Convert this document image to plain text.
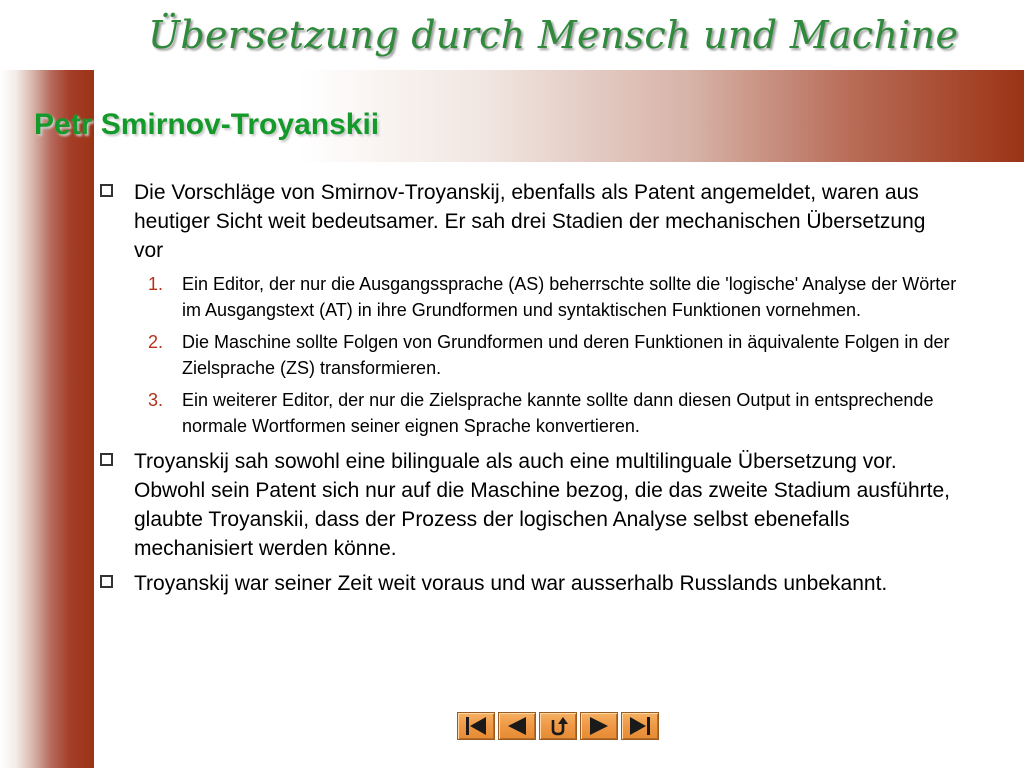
Übersetzung durch Mensch und Machine
Petr Smirnov-Troyanskii
Die Vorschläge von Smirnov-Troyanskij, ebenfalls als Patent angemeldet, waren aus heutiger Sicht weit bedeutsamer. Er sah drei Stadien der mechanischen Übersetzung vor
1. Ein Editor, der nur die Ausgangssprache (AS) beherrschte sollte die 'logische' Analyse der Wörter im Ausgangstext (AT) in ihre Grundformen und syntaktischen Funktionen vornehmen.
2. Die Maschine sollte Folgen von Grundformen und deren Funktionen in äquivalente Folgen in der Zielsprache (ZS) transformieren.
3. Ein weiterer Editor, der nur die Zielsprache kannte sollte dann diesen Output in entsprechende normale Wortformen seiner eignen Sprache konvertieren.
Troyanskij sah sowohl eine bilinguale als auch eine multilinguale Übersetzung vor. Obwohl sein Patent sich nur auf die Maschine bezog, die das zweite Stadium ausführte, glaubte Troyanskii, dass der Prozess der logischen Analyse selbst ebenefalls mechanisiert werden könne.
Troyanskij war seiner Zeit weit voraus und war ausserhalb Russlands unbekannt.
